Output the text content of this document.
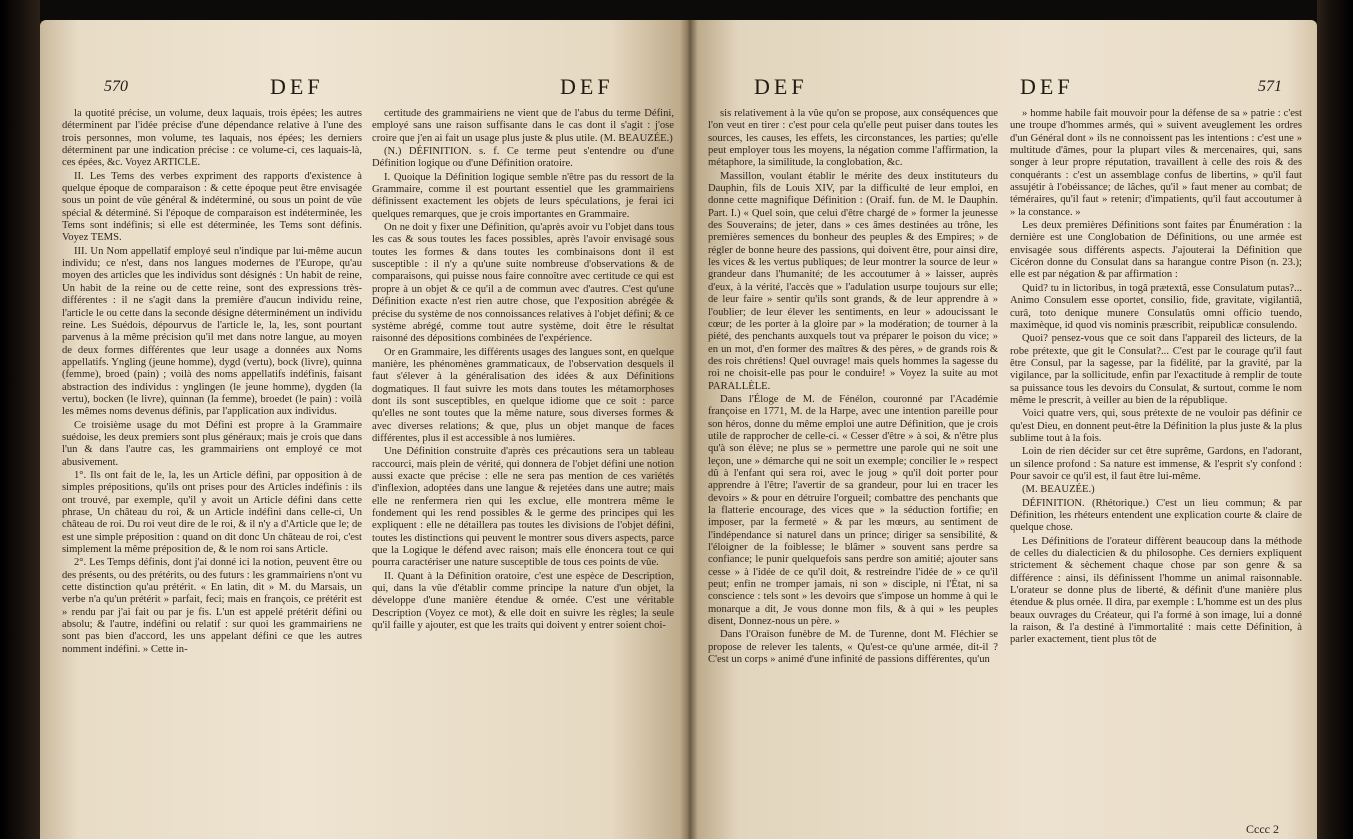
570	DEF	DEF

la quotité précise, un volume, deux laquais, trois épées; les autres déterminent par l'idée précise d'une dépendance relative à l'une des trois personnes, mon volume, tes laquais, nos épées; les derniers déterminent par une indication précise : ce volume-ci, ces laquais-là, ces épées, &c. Voyez ARTICLE.

II. Les Tems des verbes expriment des rapports d'existence à quelque époque de comparaison : & cette époque peut être envisagée sous un point de vûe général & indéterminé, ou sous un point de vûe spécial & déterminé. Si l'époque de comparaison est indéterminée, les Tems sont indéfinis; si elle est déterminée, les Tems sont définis. Voyez TEMS.

III. Un Nom appellatif employé seul n'indique par lui-même aucun individu; ce n'est, dans nos langues modernes de l'Europe, qu'au moyen des articles que les individus sont désignés : Un habit de reine, Un habit de la reine ou de cette reine, sont des expressions très-différentes : il ne s'agit dans la première d'aucun individu reine, l'article le ou cette dans la seconde désigne déterminément un individu reine. Les Suédois, dépourvus de l'article le, la, les, sont pourtant parvenus à la même précision qu'il met dans notre langue, au moyen de deux formes différentes que leur usage a données aux Noms appellatifs. Yngling (jeune homme), dygd (vertu), bock (livre), quinna (femme), broed (pain) ; voilà des noms appellatifs indéfinis, faisant abstraction des individus : ynglingen (le jeune homme), dygden (la vertu), bocken (le livre), quinnan (la femme), broedet (le pain) : voilà les mêmes noms devenus définis, par l'application aux individus.

Ce troisième usage du mot Défini est propre à la Grammaire suédoise, les deux premiers sont plus généraux; mais je crois que dans l'un & dans l'autre cas, les grammairiens ont employé ce mot abusivement.

1°. Ils ont fait de le, la, les un Article défini, par opposition à de simples prépositions, qu'ils ont prises pour des Articles indéfinis : ils ont trouvé, par exemple, qu'il y avoit un Article défini dans cette phrase, Un château du roi, & un Article indéfini dans celle-ci, Un château de roi. Du roi veut dire de le roi, & il n'y a d'Article que le; de est une simple préposition : quand on dit donc Un château de roi, c'est simplement la même préposition de, & le nom roi sans Article.

2°. Les Temps définis, dont j'ai donné ici la notion, peuvent être ou des présents, ou des prétérits, ou des futurs : les grammairiens n'ont vu cette distinction qu'au prétérit. « En latin, dit » M. du Marsais, un verbe n'a qu'un prétérit » parfait, feci; mais en françois, ce prétérit est » rendu par j'ai fait ou par je fis. L'un est appelé prétérit défini ou absolu; & l'autre, indéfini ou relatif : sur quoi les grammairiens ne sont pas bien d'accord, les uns appelant défini ce que les autres nomment indéfini. » Cette in-

certitude des grammairiens ne vient que de l'abus du terme Défini, employé sans une raison suffisante dans le cas dont il s'agit : j'ose croire que j'en ai fait un usage plus juste & plus utile. (M. BEAUZÉE.)

(N.) DÉFINITION. s. f. Ce terme peut s'entendre ou d'une Définition logique ou d'une Définition oratoire.

I. Quoique la Définition logique semble n'être pas du ressort de la Grammaire, comme il est pourtant essentiel que les grammairiens définissent exactement les objets de leurs spéculations, je ferai ici quelques remarques, que je crois importantes en Grammaire.

On ne doit y fixer une Définition, qu'après avoir vu l'objet dans tous les cas & sous toutes les faces possibles, après l'avoir envisagé sous toutes les formes & dans toutes les combinaisons dont il est susceptible : il n'y a qu'une suite nombreuse d'observations & de comparaisons, qui puisse nous faire connoître avec certitude ce qui est propre à un objet & ce qu'il a de commun avec d'autres. C'est qu'une Définition exacte n'est rien autre chose, que l'exposition abrégée & précise du système de nos connoissances relatives à l'objet défini; & ce système abrégé, comme tout autre système, doit être le résultat raisonné des dépositions combinées de l'expérience.

Or en Grammaire, les différents usages des langues sont, en quelque manière, les phénomènes grammaticaux, de l'observation desquels il faut s'élever à la généralisation des idées & aux Définitions dogmatiques. Il faut suivre les mots dans toutes les métamorphoses dont ils sont susceptibles, en quelque idiome que ce soit : parce qu'elles ne sont toutes que la même nature, sous diverses formes & avec diverses relations; & que, plus un objet manque de faces différentes, plus il est accessible à nos lumières.

Une Définition construite d'après ces précautions sera un tableau raccourci, mais plein de vérité, qui donnera de l'objet défini une notion aussi exacte que précise : elle ne sera pas mention de ces variétés d'inflexion, adoptées dans une langue & rejetées dans une autre; mais elle ne renfermera rien qui les exclue, elle montrera même le fondement qui les rend possibles & le germe des principes qui les expliquent : elle ne détaillera pas toutes les divisions de l'objet défini, toutes les distinctions qui peuvent le montrer sous divers aspects, parce que la Logique le défend avec raison; mais elle énoncera tout ce qui pourra caractériser une nature susceptible de tous ces points de vûe.

II. Quant à la Définition oratoire, c'est une espèce de Description, qui, dans la vûe d'établir comme principe la nature d'un objet, la développe d'une manière étendue & ornée. C'est une véritable Description (Voyez ce mot), & elle doit en suivre les règles; la seule qu'il faille y ajouter, est que les traits qui doivent y entrer soient choi-

DEF	DEF	571

sis relativement à la vûe qu'on se propose, aux conséquences que l'on veut en tirer : c'est pour cela qu'elle peut puiser dans toutes les sources, les causes, les effets, les circonstances, les parties; qu'elle peut employer tous les moyens, la négation comme l'affirmation, la métaphore, la similitude, la conglobation, &c.

Massillon, voulant établir le mérite des deux instituteurs du Dauphin, fils de Louis XIV, par la difficulté de leur emploi, en donne cette magnifique Définition : (Oraif. fun. de M. le Dauphin. Part. I.) « Quel soin, que celui d'être chargé de » former la jeunesse des Souverains; de jeter, dans » ces âmes destinées au trône, les premières semences du bonheur des peuples & des Empires; » de régler de bonne heure des passions, qui doivent être, pour ainsi dire, les vices & les vertus publiques; de leur montrer la source de leur » grandeur dans l'humanité; de les accoutumer à » laisser, auprès d'eux, à la vérité, l'accès que » l'adulation usurpe toujours sur elle; de leur faire » sentir qu'ils sont grands, & de leur apprendre à » l'oublier; de leur élever les sentiments, en leur » adoucissant le cœur; de les porter à la gloire par » la modération; de tourner à la piété, des penchants auxquels tout va préparer le poison du vice; » en un mot, d'en former des maîtres & des pères, » de grands rois & des rois chrétiens! Quel ouvrage! mais quels hommes la sagesse du roi ne choisit-elle pas pour le conduire! » Voyez la suite au mot PARALLÈLE.

Dans l'Éloge de M. de Fénélon, couronné par l'Académie françoise en 1771, M. de la Harpe, avec une intention pareille pour son héros, donne du même emploi une autre Définition, que je crois utile de rapprocher de celle-ci. « Cesser d'être » à soi, & n'être plus qu'à son élève; ne plus se » permettre une parole qui ne soit une leçon, une » démarche qui ne soit un exemple; concilier le » respect dû à l'enfant qui sera roi, avec le joug » qu'il doit porter pour apprendre à l'être; l'avertir de sa grandeur, pour lui en tracer les devoirs » & pour en détruire l'orgueil; combattre des penchants que la flatterie encourage, des vices que » la séduction fortifie; en imposer, par la fermeté » & par les mœurs, au sentiment de l'indépendance si naturel dans un prince; diriger sa sensibilité, & l'éloigner de la foiblesse; le blâmer » souvent sans perdre sa confiance; le punir quelquefois sans perdre son amitié; ajouter sans cesse » à l'idée de ce qu'il doit, & restreindre l'idée de » ce qu'il peut; enfin ne tromper jamais, ni son » disciple, ni l'État, ni sa conscience : tels sont » les devoirs que s'impose un homme à qui le monarque a dit, Je vous donne mon fils, & à qui » les peuples disent, Donnez-nous un père. »

Dans l'Oraison funèbre de M. de Turenne, dont M. Fléchier se propose de relever les talents, « Qu'est-ce qu'une armée, dit-il ? C'est un corps » animé d'une infinité de passions différentes, qu'un

» homme habile fait mouvoir pour la défense de sa » patrie : c'est une troupe d'hommes armés, qui » suivent aveuglement les ordres d'un Général dont » ils ne connoissent pas les intentions : c'est une » multitude d'âmes, pour la plupart viles & mercenaires, qui, sans songer à leur propre réputation, travaillent à celle des rois & des conquérants : c'est un assemblage confus de libertins, » qu'il faut assujétir à l'obéissance; de lâches, qu'il » faut mener au combat; de téméraires, qu'il faut » retenir; d'impatients, qu'il faut accoutumer à » la constance. »

Les deux premières Définitions sont faites par Énumération : la dernière est une Conglobation de Définitions, ou une armée est envisagée sous différents aspects. J'ajouterai la Définition que Cicéron donne du Consulat dans sa harangue contre Pison (n. 23.); elle est par négation & par affirmation :

Quid? tu in lictoribus, in togâ prætextâ, esse Consulatum putas?... Animo Consulem esse oportet, consilio, fide, gravitate, vigilantiâ, curâ, toto denique munere Consulatûs omni officio tuendo, maximèque, id quod vis nominis præscribit, reipublicæ consulendo.

Quoi? pensez-vous que ce soit dans l'appareil des licteurs, de la robe prétexte, que git le Consulat?... C'est par le courage qu'il faut être Consul, par la sagesse, par la fidélité, par la gravité, par la vigilance, par la sollicitude, enfin par l'exactitude à remplir de toute sa puissance tous les devoirs du Consulat, & surtout, comme le nom même le prescrit, à veiller au bien de la république.

Voici quatre vers, qui, sous prétexte de ne vouloir pas définir ce qu'est Dieu, en donnent peut-être la Définition la plus juste & la plus sublime tout à la fois.

Loin de rien décider sur cet être suprême, Gardons, en l'adorant, un silence profond : Sa nature est immense, & l'esprit s'y confond : Pour savoir ce qu'il est, il faut être lui-même.

(M. BEAUZÉE.)

DÉFINITION. (Rhétorique.) C'est un lieu commun; & par Définition, les rhéteurs entendent une explication courte & claire de quelque chose.

Les Définitions de l'orateur diffèrent beaucoup dans la méthode de celles du dialecticien & du philosophe. Ces derniers expliquent strictement & sèchement chaque chose par son genre & sa différence : ainsi, ils définissent l'homme un animal raisonnable. L'orateur se donne plus de liberté, & définit d'une manière plus étendue & plus ornée. Il dira, par exemple : L'homme est un des plus beaux ouvrages du Créateur, qui l'a formé à son image, lui a donné la raison, & l'a destiné à l'immortalité : mais cette Définition, à parler exactement, tient plus tôt de

Cccc 2
